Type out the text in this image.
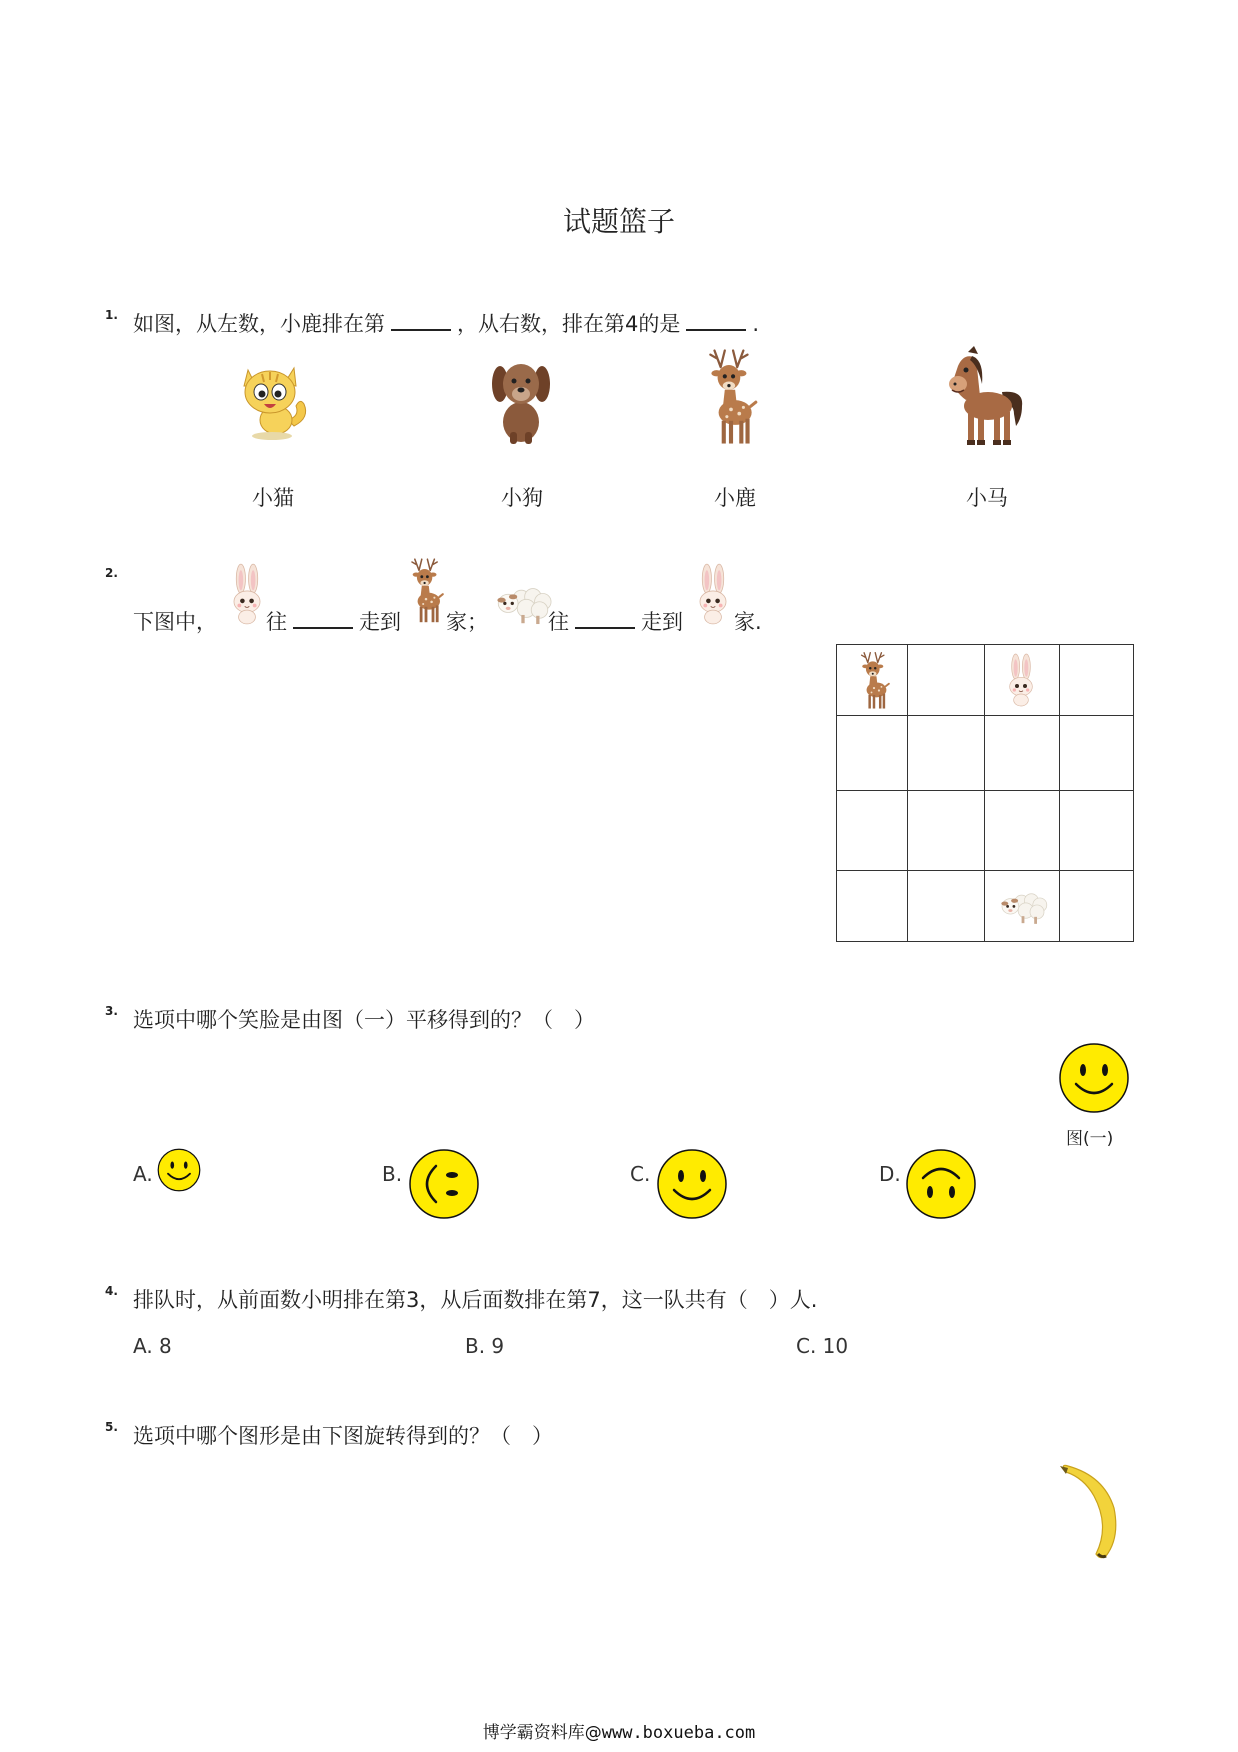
试题篮子
1. 如图，从左数，小鹿排在第	，从右数，排在第4的是	.
小猫	小狗	小鹿	小马
2.
下图中， 往	走到 家；	往	走到 家.
3. 选项中哪个笑脸是由图（一）平移得到的？（　）
图(一)
A.	B.	C.	D.
4. 排队时，从前面数小明排在第3，从后面数排在第7，这一队共有（　）人.
A. 8	B. 9	C. 10
5. 选项中哪个图形是由下图旋转得到的？（　）
博学霸资料库@www.boxueba.com
